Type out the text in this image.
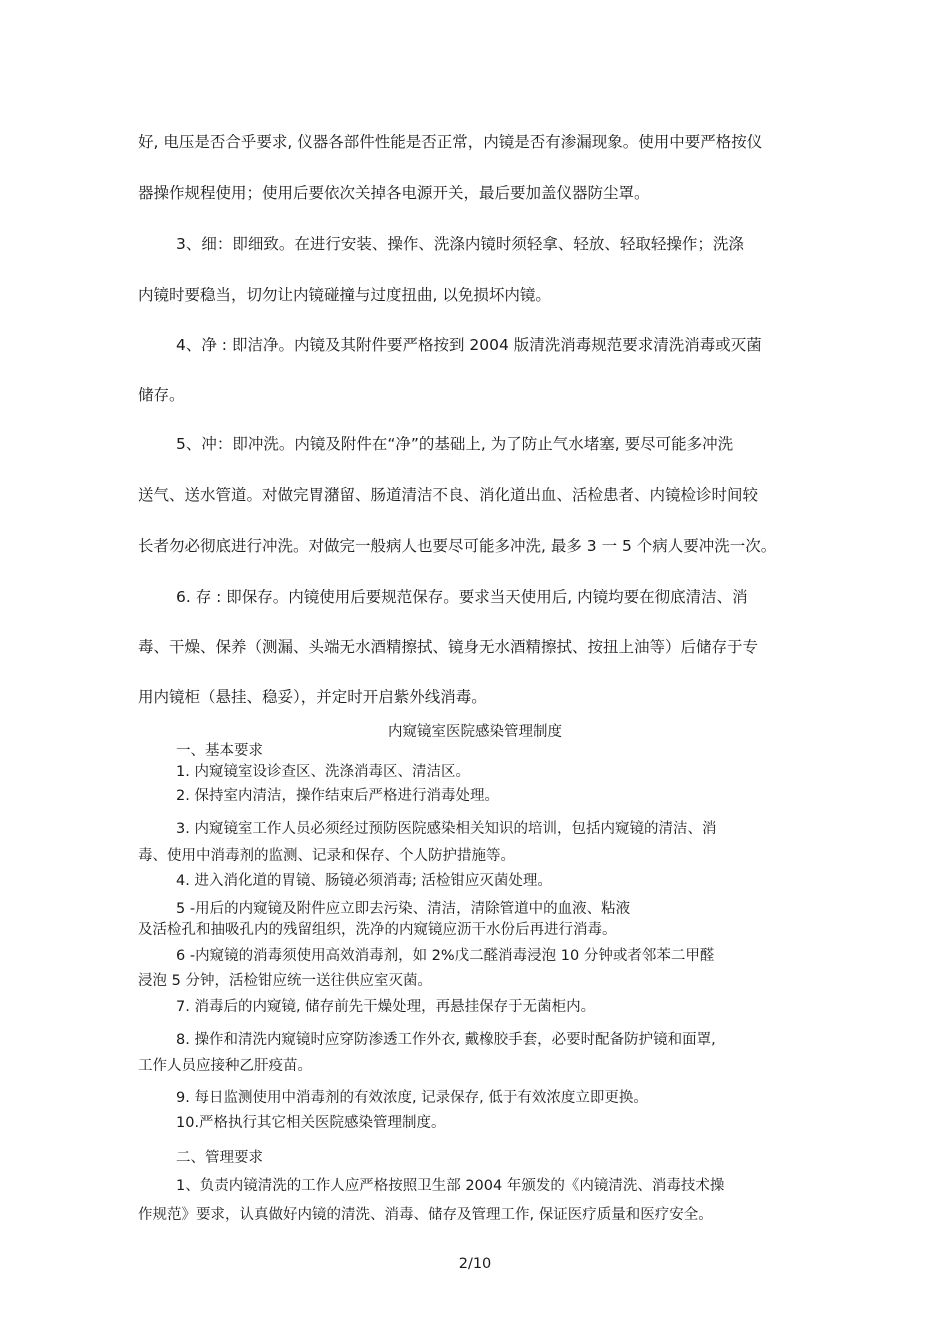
好, 电压是否合乎要求, 仪器各部件性能是否正常，内镜是否有渗漏现象。使用中要严格按仪
器操作规程使用；使用后要依次关掉各电源开关，最后要加盖仪器防尘罩。
3、细：即细致。在进行安装、操作、洗涤内镜时须轻拿、轻放、轻取轻操作；洗涤
内镜时要稳当，切勿让内镜碰撞与过度扭曲, 以免损坏内镜。
4、净 : 即洁净。内镜及其附件要严格按到 2004 版清洗消毒规范要求清洗消毒或灭菌
储存。
5、冲：即冲洗。内镜及附件在“净”的基础上, 为了防止气水堵塞, 要尽可能多冲洗
送气、送水管道。对做完胃潴留、肠道清洁不良、消化道出血、活检患者、内镜检诊时间较
长者勿必彻底进行冲洗。对做完一般病人也要尽可能多冲洗, 最多 3 一 5 个病人要冲洗一次。
6. 存 : 即保存。内镜使用后要规范保存。要求当天使用后, 内镜均要在彻底清洁、消
毒、干燥、保养（测漏、头端无水酒精擦拭、镜身无水酒精擦拭、按扭上油等）后储存于专
用内镜柜（悬挂、稳妥），并定时开启紫外线消毒。
内窥镜室医院感染管理制度
一、基本要求
1. 内窥镜室设诊查区、洗涤消毒区、清洁区。
2. 保持室内清洁，操作结束后严格进行消毒处理。
3. 内窥镜室工作人员必须经过预防医院感染相关知识的培训，包括内窥镜的清洁、消
毒、使用中消毒剂的监测、记录和保存、个人防护措施等。
4. 进入消化道的胃镜、肠镜必须消毒; 活检钳应灭菌处理。
5 -用后的内窥镜及附件应立即去污染、清洁，清除管道中的血液、粘液
及活检孔和抽吸孔内的残留组织，洗净的内窥镜应沥干水份后再进行消毒。
6 -内窥镜的消毒须使用高效消毒剂，如 2%戊二醛消毒浸泡 10 分钟或者邻苯二甲醛
浸泡 5 分钟，活检钳应统一送往供应室灭菌。
7. 消毒后的内窥镜, 储存前先干燥处理，再悬挂保存于无菌柜内。
8. 操作和清洗内窥镜时应穿防渗透工作外衣, 戴橡胶手套，必要时配备防护镜和面罩,
工作人员应接种乙肝疫苗。
9. 每日监测使用中消毒剂的有效浓度, 记录保存, 低于有效浓度立即更换。
10.严格执行其它相关医院感染管理制度。
二、管理要求
1、负责内镜清洗的工作人应严格按照卫生部 2004 年颁发的《内镜清洗、消毒技术操
作规范》要求，认真做好内镜的清洗、消毒、储存及管理工作, 保证医疗质量和医疗安全。
2/10
